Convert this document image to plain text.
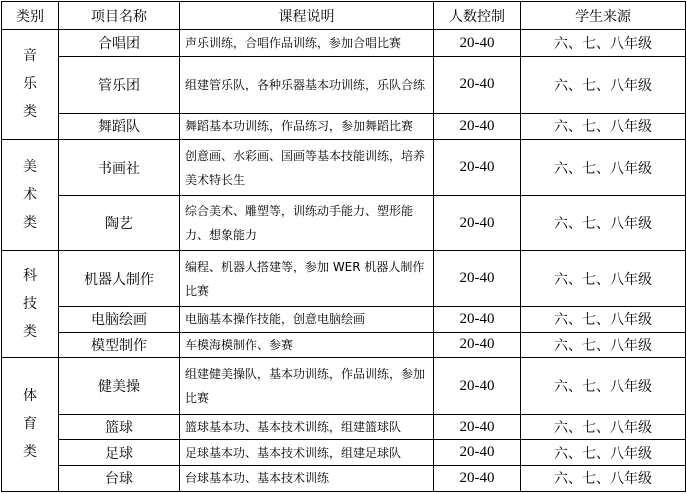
类别	项目名称	课程说明	人数控制	学生来源

音
乐
类	合唱团	声乐训练，合唱作品训练，参加合唱比赛	20-40	六、七、八年级
	管乐团	组建管乐队，各种乐器基本功训练，乐队合练	20-40	六、七、八年级
	舞蹈队	舞蹈基本功训练，作品练习，参加舞蹈比赛	20-40	六、七、八年级

美
术
类	书画社	创意画、水彩画、国画等基本技能训练，培养美术特长生	20-40	六、七、八年级
	陶艺	综合美术、雕塑等，训练动手能力、塑形能力、想象能力	20-40	六、七、八年级

科
技
类	机器人制作	编程、机器人搭建等，参加 WER 机器人制作比赛	20-40	六、七、八年级
	电脑绘画	电脑基本操作技能，创意电脑绘画	20-40	六、七、八年级
	模型制作	车模海模制作、参赛	20-40	六、七、八年级

体
育
类	健美操	组建健美操队，基本功训练，作品训练，参加比赛	20-40	六、七、八年级
	篮球	篮球基本功、基本技术训练，组建篮球队	20-40	六、七、八年级
	足球	足球基本功、基本技术训练，组建足球队	20-40	六、七、八年级
	台球	台球基本功、基本技术训练	20-40	六、七、八年级
